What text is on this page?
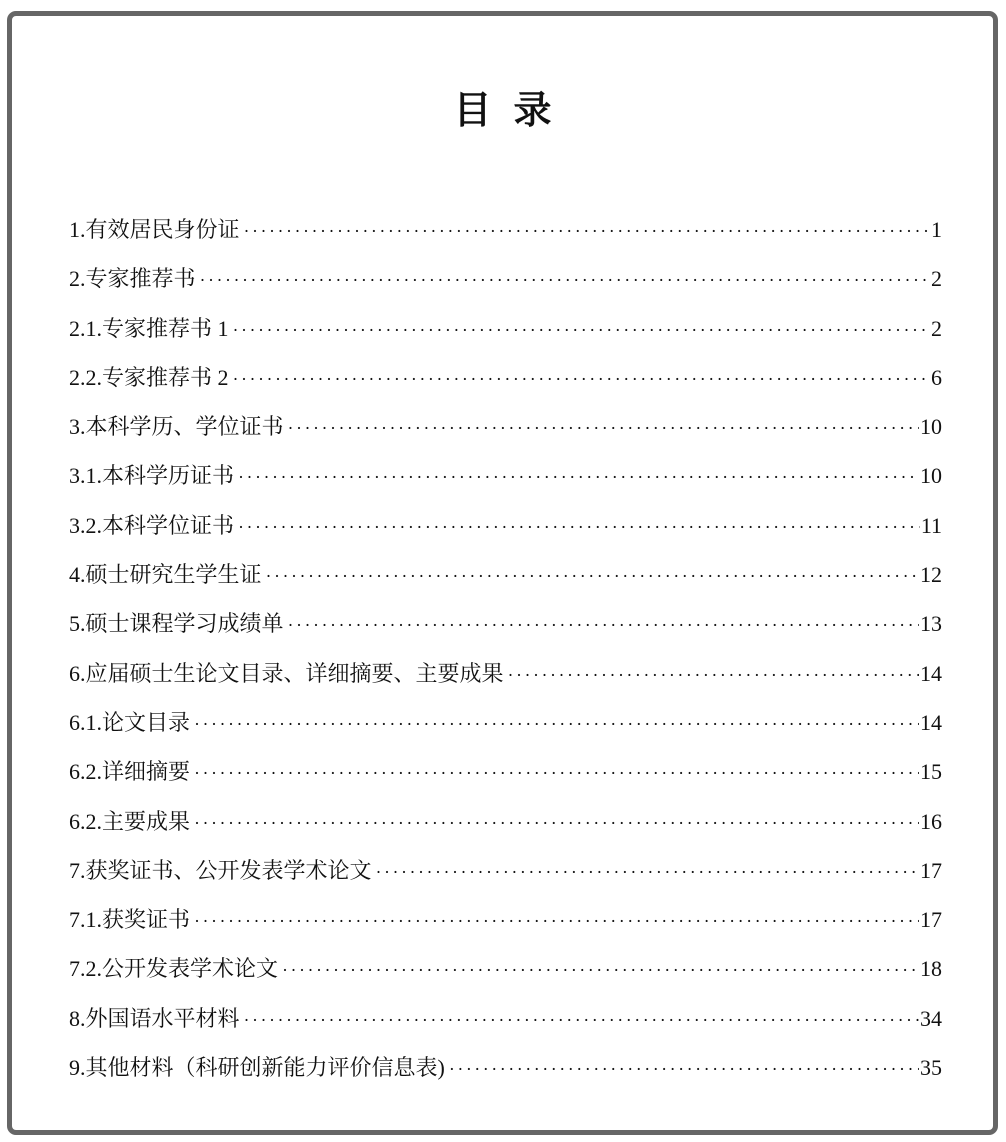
目录
1.有效居民身份证 ·····	1
2.专家推荐书 ·····	2
2.1.专家推荐书 1 ·····	2
2.2.专家推荐书 2 ·····	6
3.本科学历、学位证书 ·····	10
3.1.本科学历证书 ·····	10
3.2.本科学位证书 ·····	11
4.硕士研究生学生证 ·····	12
5.硕士课程学习成绩单 ·····	13
6.应届硕士生论文目录、详细摘要、主要成果 ·····	14
6.1.论文目录 ·····	14
6.2.详细摘要 ·····	15
6.2.主要成果 ·····	16
7.获奖证书、公开发表学术论文 ·····	17
7.1.获奖证书 ·····	17
7.2.公开发表学术论文 ·····	18
8.外国语水平材料 ·····	34
9.其他材料（科研创新能力评价信息表) ·····	35
